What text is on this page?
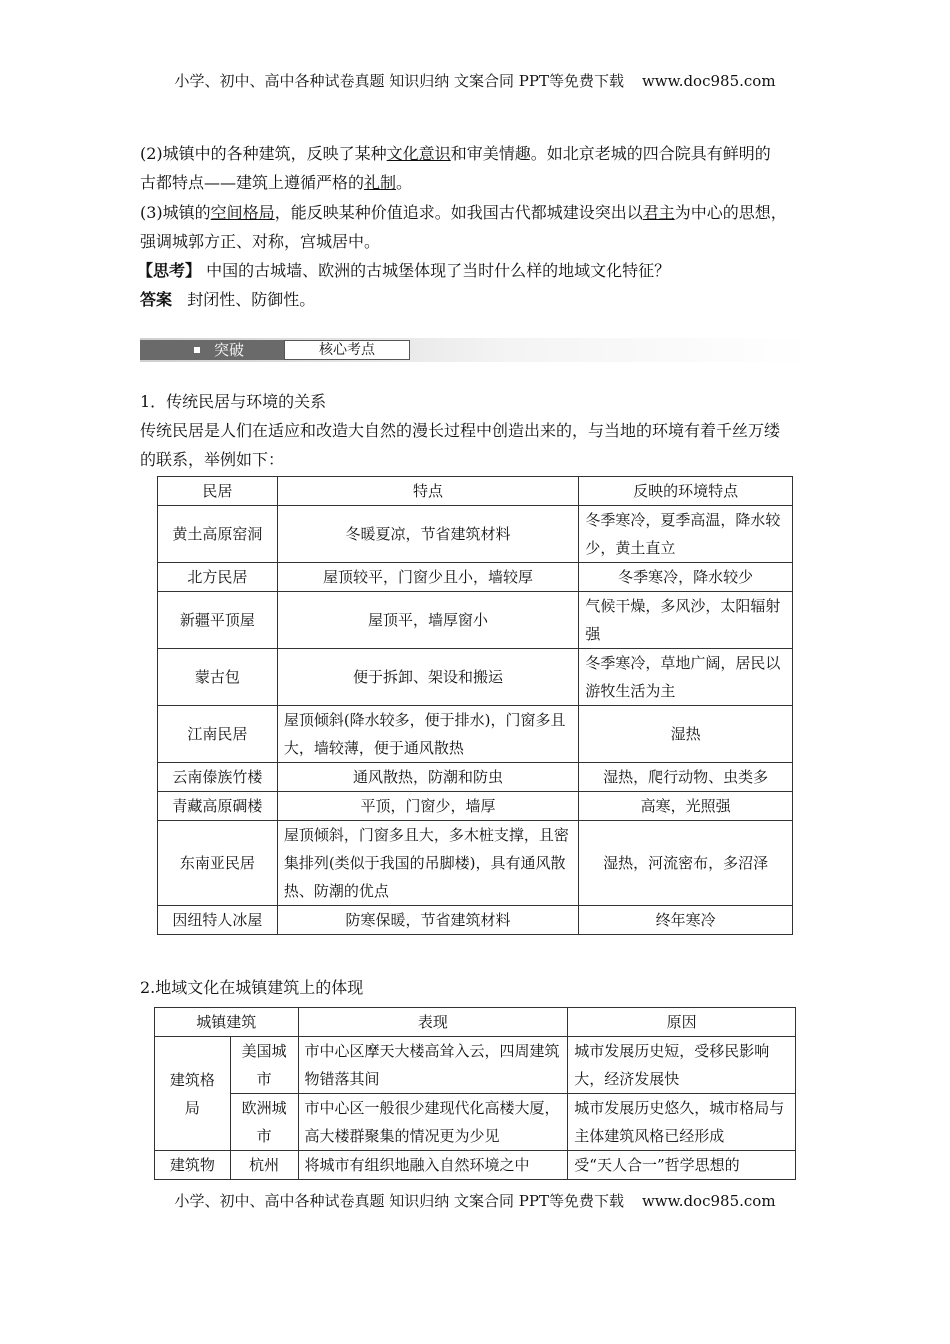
小学、初中、高中各种试卷真题 知识归纳 文案合同 PPT等免费下载 www.doc985.com
(2)城镇中的各种建筑，反映了某种文化意识和审美情趣。如北京老城的四合院具有鲜明的
古都特点——建筑上遵循严格的礼制。
(3)城镇的空间格局，能反映某种价值追求。如我国古代都城建设突出以君主为中心的思想，
强调城郭方正、对称，宫城居中。
【思考】 中国的古城墙、欧洲的古城堡体现了当时什么样的地域文化特征？
答案 封闭性、防御性。
突破	核心考点
1．传统民居与环境的关系
传统民居是人们在适应和改造大自然的漫长过程中创造出来的，与当地的环境有着千丝万缕
的联系，举例如下：
民居	特点	反映的环境特点
黄土高原窑洞	冬暖夏凉，节省建筑材料	冬季寒冷，夏季高温，降水较少，黄土直立
北方民居	屋顶较平，门窗少且小，墙较厚	冬季寒冷，降水较少
新疆平顶屋	屋顶平，墙厚窗小	气候干燥，多风沙，太阳辐射强
蒙古包	便于拆卸、架设和搬运	冬季寒冷，草地广阔，居民以游牧生活为主
江南民居	屋顶倾斜(降水较多，便于排水)，门窗多且大，墙较薄，便于通风散热	湿热
云南傣族竹楼	通风散热，防潮和防虫	湿热，爬行动物、虫类多
青藏高原碉楼	平顶，门窗少，墙厚	高寒，光照强
东南亚民居	屋顶倾斜，门窗多且大，多木桩支撑，且密集排列(类似于我国的吊脚楼)，具有通风散热、防潮的优点	湿热，河流密布，多沼泽
因纽特人冰屋	防寒保暖，节省建筑材料	终年寒冷
2.地域文化在城镇建筑上的体现
城镇建筑		表现	原因
建筑格局	美国城市	市中心区摩天大楼高耸入云，四周建筑物错落其间	城市发展历史短，受移民影响大，经济发展快
	欧洲城市	市中心区一般很少建现代化高楼大厦，高大楼群聚集的情况更为少见	城市发展历史悠久，城市格局与主体建筑风格已经形成
建筑物	杭州	将城市有组织地融入自然环境之中	受“天人合一”哲学思想的
小学、初中、高中各种试卷真题 知识归纳 文案合同 PPT等免费下载 www.doc985.com
